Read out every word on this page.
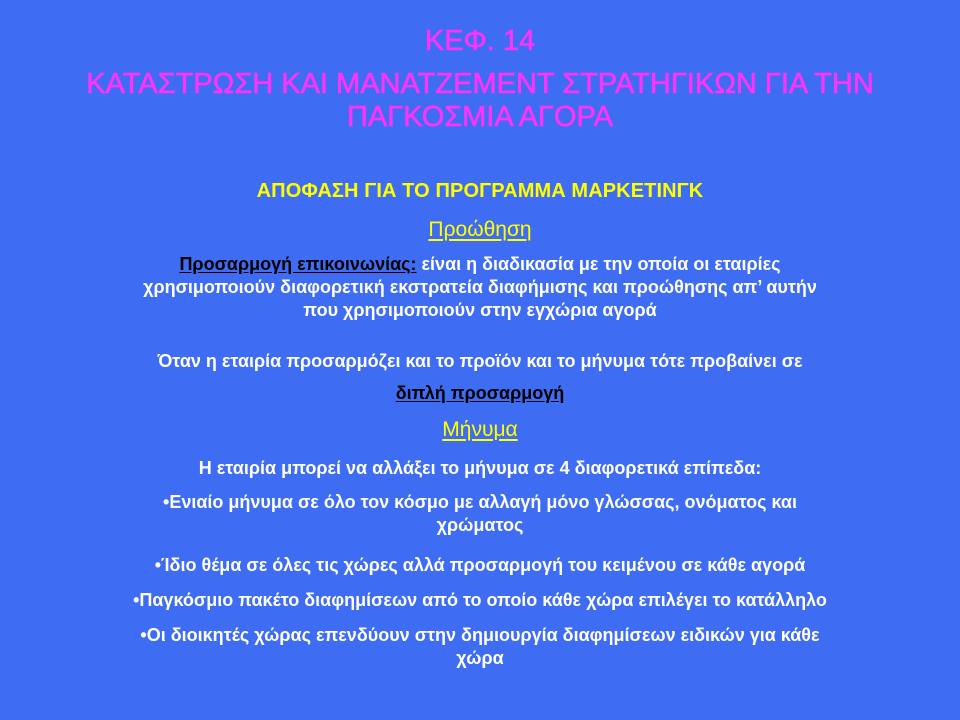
ΚΕΦ. 14
ΚΑΤΑΣΤΡΩΣΗ ΚΑΙ ΜΑΝΑΤΖΕΜΕΝΤ ΣΤΡΑΤΗΓΙΚΩΝ ΓΙΑ ΤΗΝ
ΠΑΓΚΟΣΜΙΑ ΑΓΟΡΑ
ΑΠΟΦΑΣΗ ΓΙΑ ΤΟ ΠΡΟΓΡΑΜΜΑ ΜΑΡΚΕΤΙΝΓΚ
Προώθηση
Προσαρμογή επικοινωνίας: είναι η διαδικασία με την οποία οι εταιρίες
χρησιμοποιούν διαφορετική εκστρατεία διαφήμισης και προώθησης απ’ αυτήν
που χρησιμοποιούν στην εγχώρια αγορά
Όταν η εταιρία προσαρμόζει και το προϊόν και το μήνυμα τότε προβαίνει σε
διπλή προσαρμογή
Μήνυμα
Η εταιρία μπορεί να αλλάξει το μήνυμα σε 4 διαφορετικά επίπεδα:
•Ενιαίο μήνυμα σε όλο τον κόσμο με αλλαγή μόνο γλώσσας, ονόματος και
χρώματος
•Ίδιο θέμα σε όλες τις χώρες αλλά προσαρμογή του κειμένου σε κάθε αγορά
•Παγκόσμιο πακέτο διαφημίσεων από το οποίο κάθε χώρα επιλέγει το κατάλληλο
•Οι διοικητές χώρας επενδύουν στην δημιουργία διαφημίσεων ειδικών για κάθε
χώρα
